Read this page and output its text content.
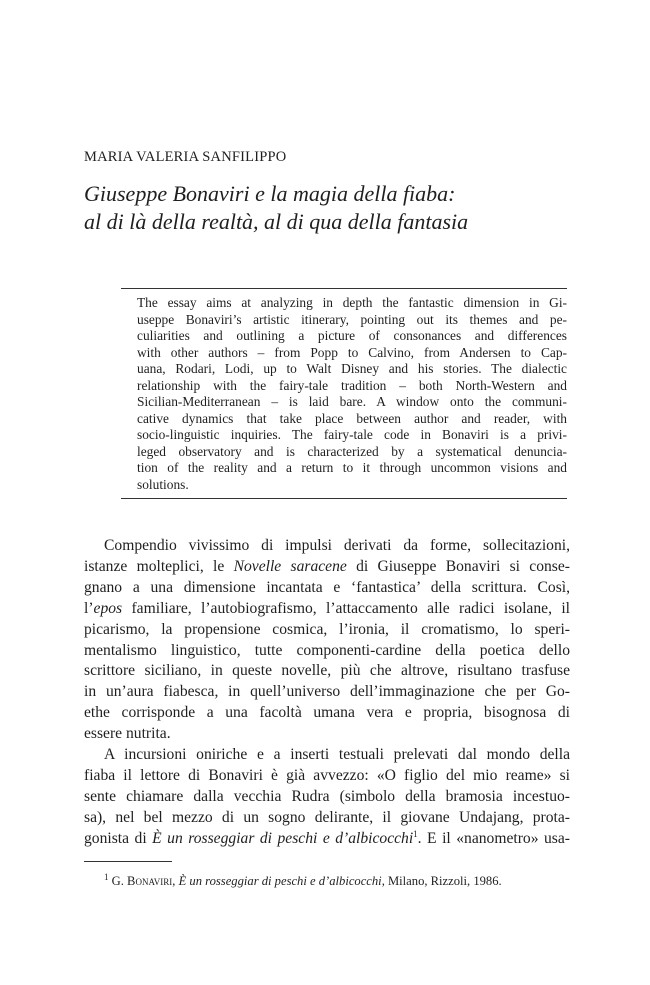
MARIA VALERIA SANFILIPPO
Giuseppe Bonaviri e la magia della fiaba:
al di là della realtà, al di qua della fantasia
The essay aims at analyzing in depth the fantastic dimension in Gi-
useppe Bonaviri’s artistic itinerary, pointing out its themes and pe-
culiarities and outlining a picture of consonances and differences
with other authors – from Popp to Calvino, from Andersen to Cap-
uana, Rodari, Lodi, up to Walt Disney and his stories. The dialectic
relationship with the fairy-tale tradition – both North-Western and
Sicilian-Mediterranean – is laid bare. A window onto the communi-
cative dynamics that take place between author and reader, with
socio-linguistic inquiries. The fairy-tale code in Bonaviri is a privi-
leged observatory and is characterized by a systematical denuncia-
tion of the reality and a return to it through uncommon visions and
solutions.
Compendio vivissimo di impulsi derivati da forme, sollecitazioni,
istanze molteplici, le Novelle saracene di Giuseppe Bonaviri si conse-
gnano a una dimensione incantata e ‘fantastica’ della scrittura. Così,
l’epos familiare, l’autobiografismo, l’attaccamento alle radici isolane, il
picarismo, la propensione cosmica, l’ironia, il cromatismo, lo speri-
mentalismo linguistico, tutte componenti-cardine della poetica dello
scrittore siciliano, in queste novelle, più che altrove, risultano trasfuse
in un’aura fiabesca, in quell’universo dell’immaginazione che per Go-
ethe corrisponde a una facoltà umana vera e propria, bisognosa di
essere nutrita.
A incursioni oniriche e a inserti testuali prelevati dal mondo della
fiaba il lettore di Bonaviri è già avvezzo: «O figlio del mio reame» si
sente chiamare dalla vecchia Rudra (simbolo della bramosia incestuo-
sa), nel bel mezzo di un sogno delirante, il giovane Undajang, prota-
gonista di È un rosseggiar di peschi e d’albicocchi$^1$. E il «nanometro» usa-
$^1$ G. Bonaviri, È un rosseggiar di peschi e d’albicocchi, Milano, Rizzoli, 1986.
